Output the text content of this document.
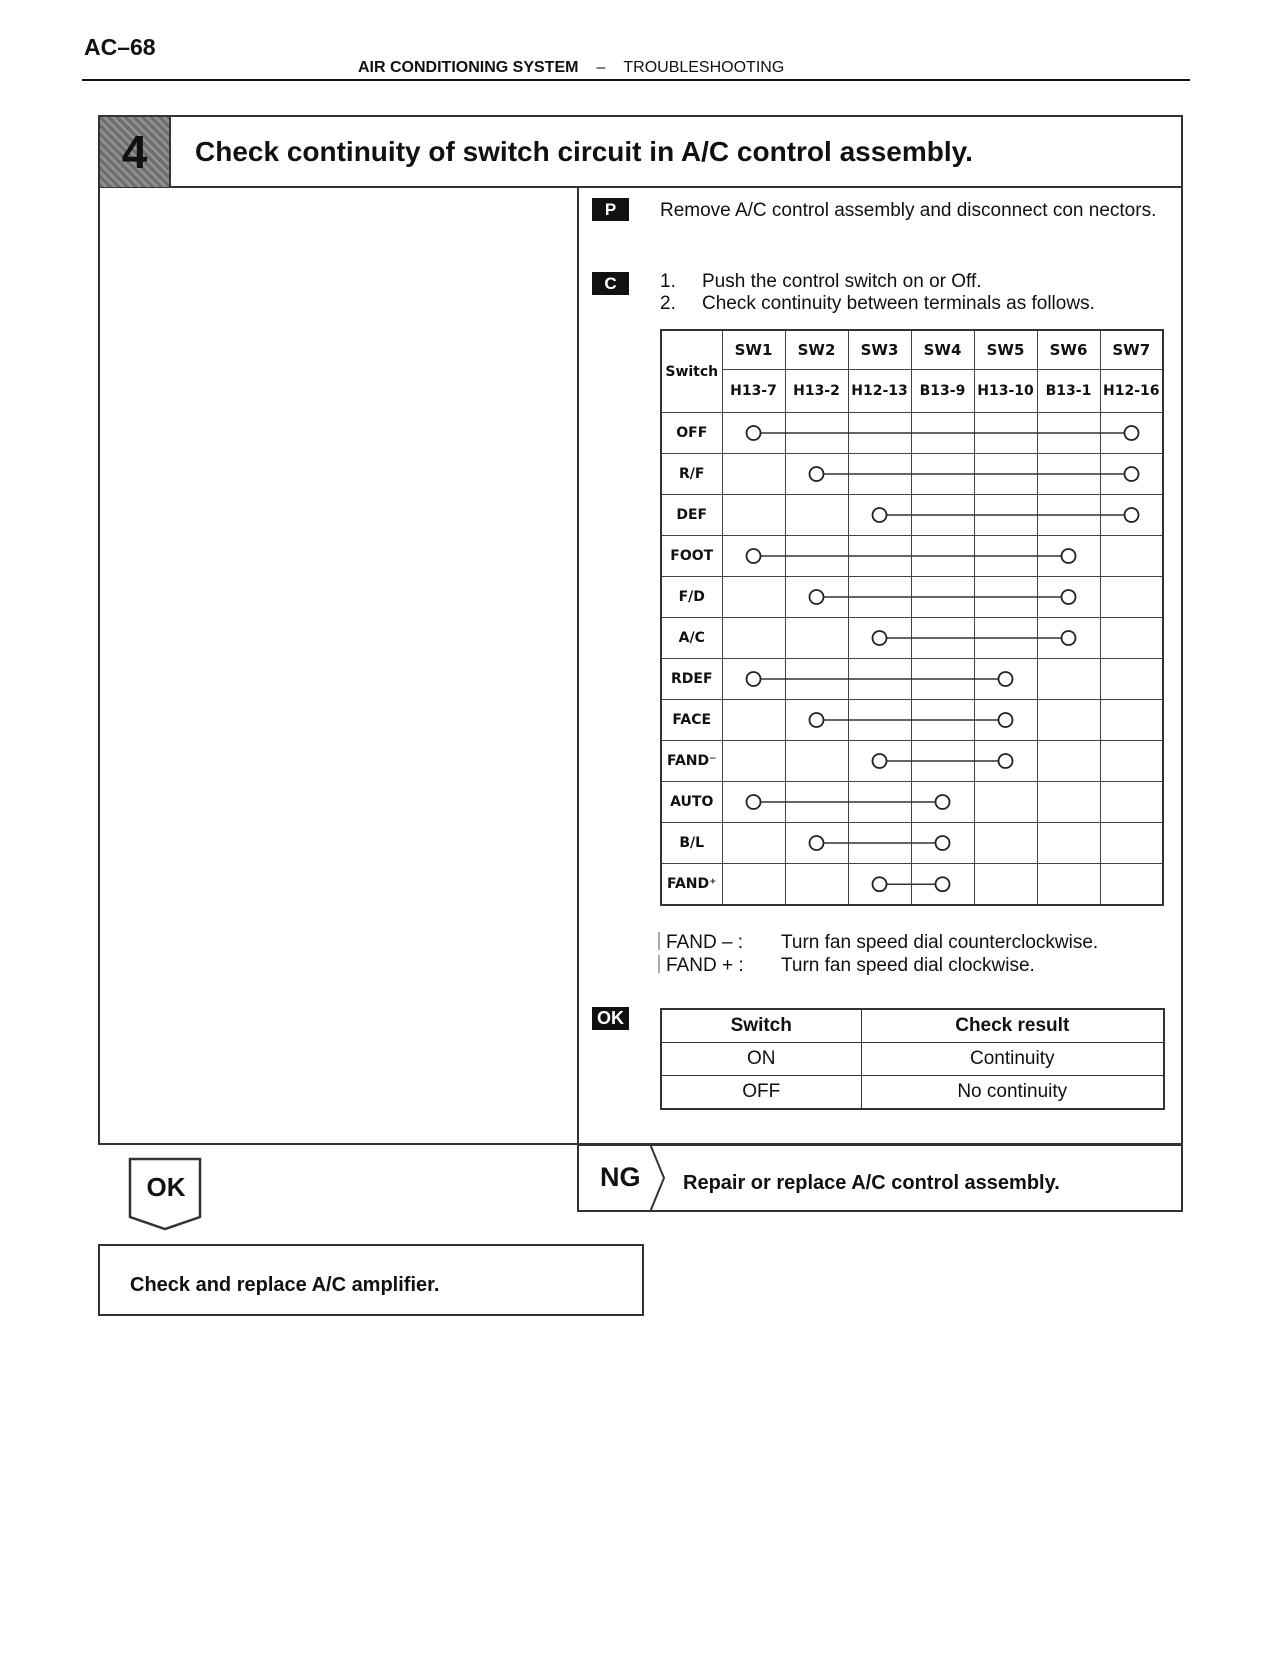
AC–68
AIR CONDITIONING SYSTEM – TROUBLESHOOTING
4	Check continuity of switch circuit in A/C control assembly.
P	Remove A/C control assembly and disconnect con nectors.
C	1. Push the control switch on or Off.
2. Check continuity between terminals as follows.
Switch	SW1	SW2	SW3	SW4	SW5	SW6	SW7
	H13-7	H13-2	H12-13	B13-9	H13-10	B13-1	H12-16
OFF							
R/F							
DEF							
FOOT							
F/D							
A/C							
RDEF							
FACE							
FAND⁻							
AUTO							
B/L							
FAND⁺							
FAND – : Turn fan speed dial counterclockwise.
FAND + : Turn fan speed dial clockwise.
OK	Switch	Check result
ON	Continuity
OFF	No continuity
NG Repair or replace A/C control assembly.
OK
Check and replace A/C amplifier.
